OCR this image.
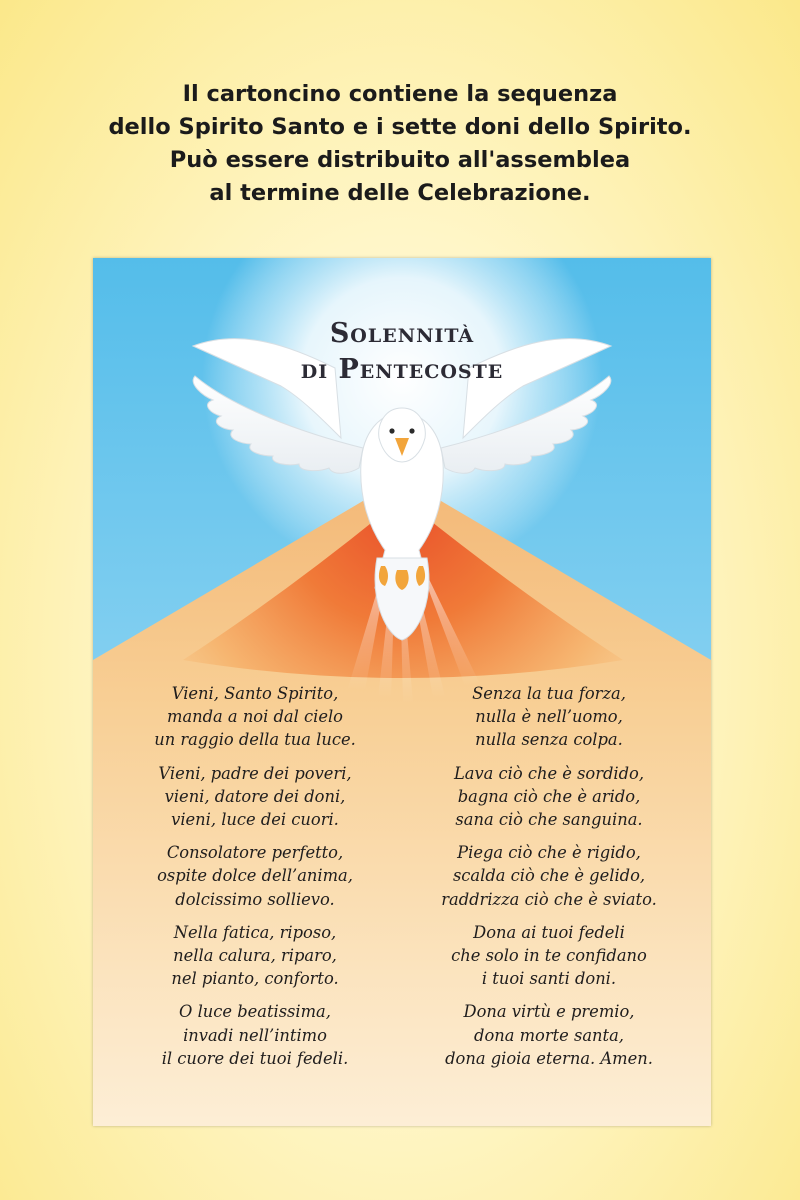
Il cartoncino contiene la sequenza
dello Spirito Santo e i sette doni dello Spirito.
Può essere distribuito all'assemblea
al termine delle Celebrazione.
Solennità
di Pentecoste
Vieni, Santo Spirito,
manda a noi dal cielo
un raggio della tua luce.
Vieni, padre dei poveri,
vieni, datore dei doni,
vieni, luce dei cuori.
Consolatore perfetto,
ospite dolce dell’anima,
dolcissimo sollievo.
Nella fatica, riposo,
nella calura, riparo,
nel pianto, conforto.
O luce beatissima,
invadi nell’intimo
il cuore dei tuoi fedeli.
Senza la tua forza,
nulla è nell’uomo,
nulla senza colpa.
Lava ciò che è sordido,
bagna ciò che è arido,
sana ciò che sanguina.
Piega ciò che è rigido,
scalda ciò che è gelido,
raddrizza ciò che è sviato.
Dona ai tuoi fedeli
che solo in te confidano
i tuoi santi doni.
Dona virtù e premio,
dona morte santa,
dona gioia eterna. Amen.
